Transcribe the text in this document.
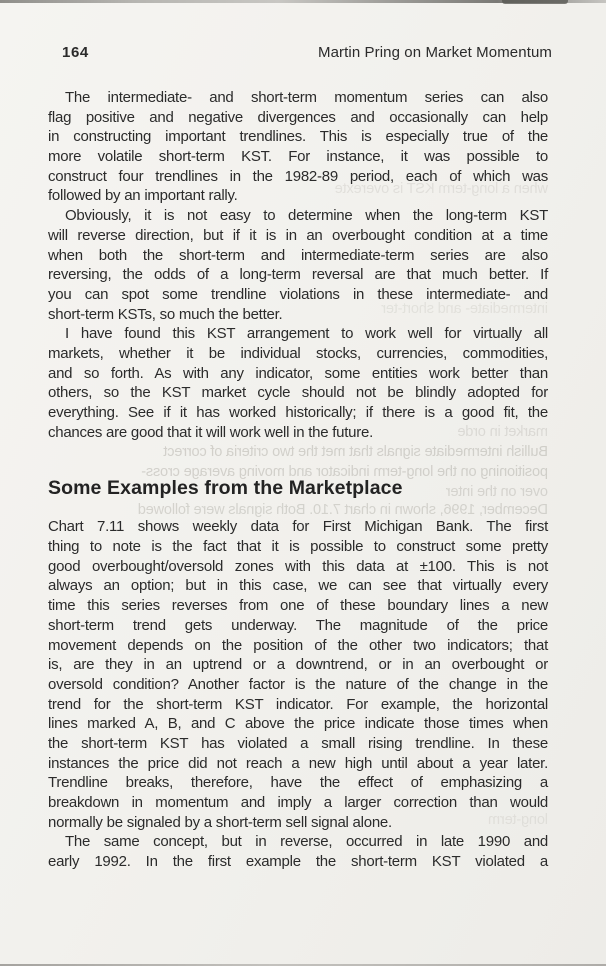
164	Martin Pring on Market Momentum
when a long-term KST is overexte
intermediate- and short-ter
market in orde
Bullish intermediate signals that met the two criteria of correct
positioning on the long-term indicator and moving average cross-
over on the inter
December, 1996, shown in chart 7.10. Both signals were followed
long-term
The intermediate- and short-term momentum series can also
flag positive and negative divergences and occasionally can help
in constructing important trendlines. This is especially true of the
more volatile short-term KST. For instance, it was possible to
construct four trendlines in the 1982-89 period, each of which was
followed by an important rally.
Obviously, it is not easy to determine when the long-term KST
will reverse direction, but if it is in an overbought condition at a time
when both the short-term and intermediate-term series are also
reversing, the odds of a long-term reversal are that much better. If
you can spot some trendline violations in these intermediate- and
short-term KSTs, so much the better.
I have found this KST arrangement to work well for virtually all
markets, whether it be individual stocks, currencies, commodities,
and so forth. As with any indicator, some entities work better than
others, so the KST market cycle should not be blindly adopted for
everything. See if it has worked historically; if there is a good fit, the
chances are good that it will work well in the future.
Some Examples from the Marketplace
Chart 7.11 shows weekly data for First Michigan Bank. The first
thing to note is the fact that it is possible to construct some pretty
good overbought/oversold zones with this data at ±100. This is not
always an option; but in this case, we can see that virtually every
time this series reverses from one of these boundary lines a new
short-term trend gets underway. The magnitude of the price
movement depends on the position of the other two indicators; that
is, are they in an uptrend or a downtrend, or in an overbought or
oversold condition? Another factor is the nature of the change in the
trend for the short-term KST indicator. For example, the horizontal
lines marked A, B, and C above the price indicate those times when
the short-term KST has violated a small rising trendline. In these
instances the price did not reach a new high until about a year later.
Trendline breaks, therefore, have the effect of emphasizing a
breakdown in momentum and imply a larger correction than would
normally be signaled by a short-term sell signal alone.
The same concept, but in reverse, occurred in late 1990 and
early 1992. In the first example the short-term KST violated a
